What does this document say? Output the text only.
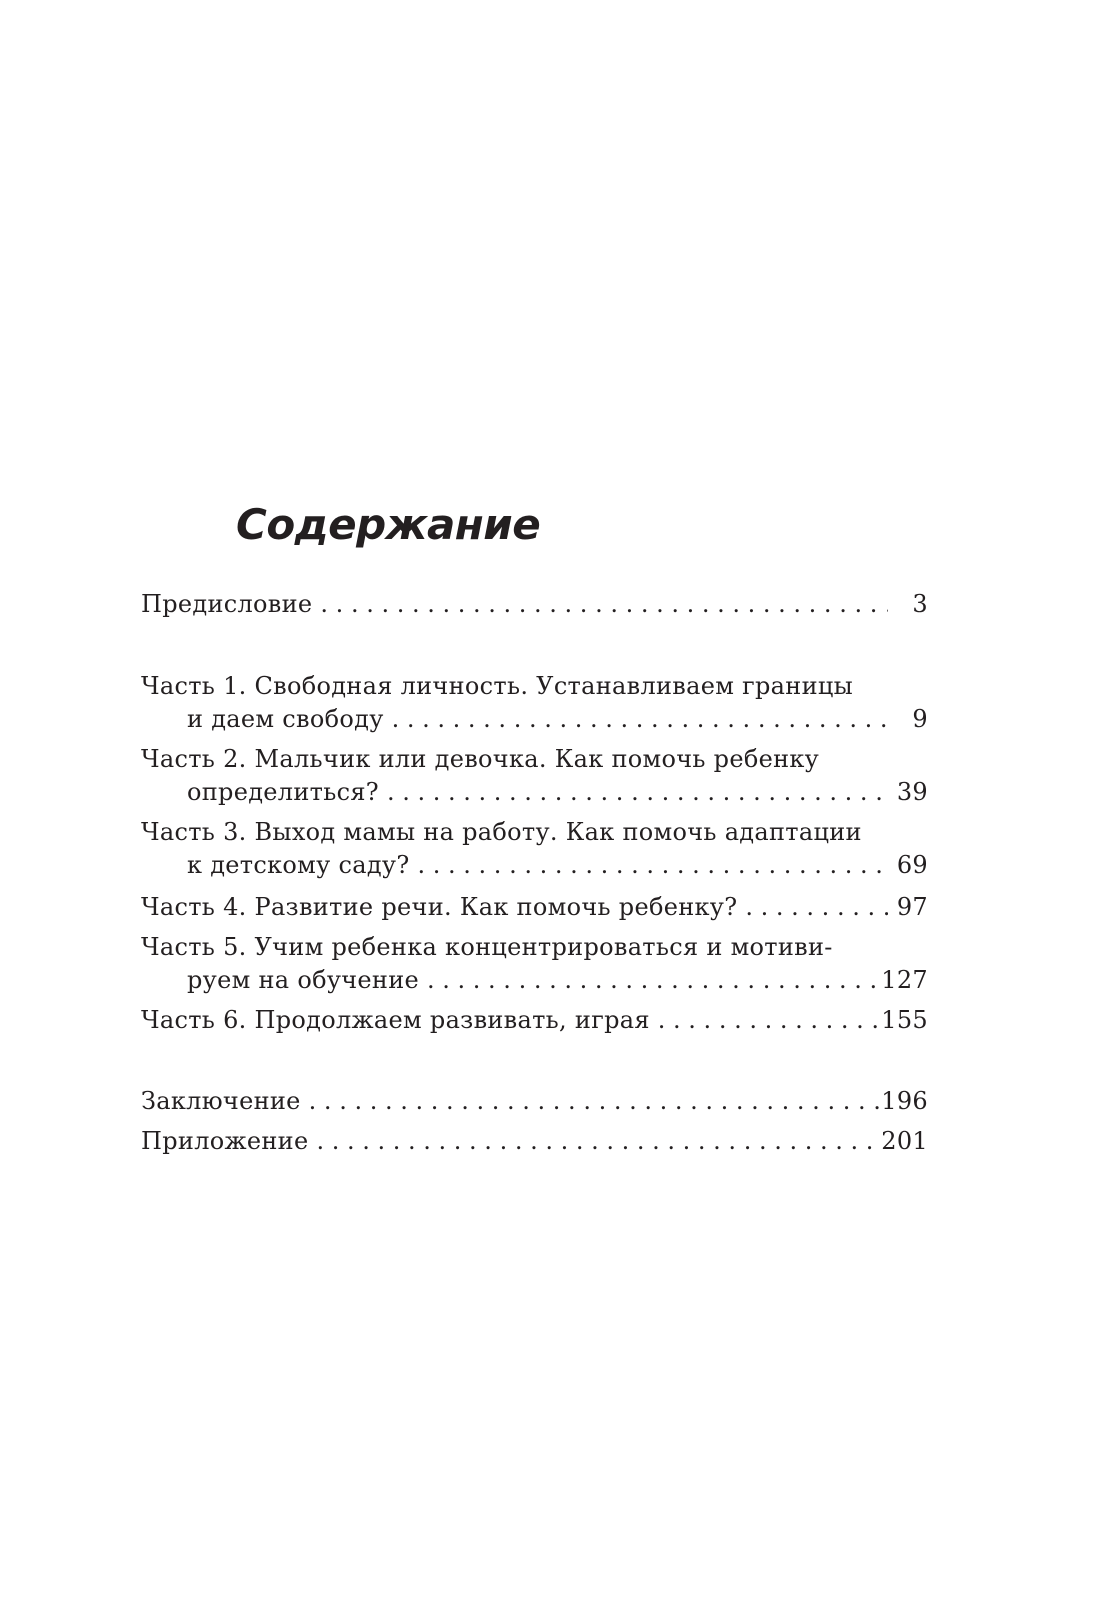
Содержание
Предисловие . . .	3
Часть 1. Свободная личность. Устанавливаем границы
и даем свободу . . .	9
Часть 2. Мальчик или девочка. Как помочь ребенку
определиться? . . .	39
Часть 3. Выход мамы на работу. Как помочь адаптации
к детскому саду? . . .	69
Часть 4. Развитие речи. Как помочь ребенку? . . .	97
Часть 5. Учим ребенка концентрироваться и мотиви-
руем на обучение . . .	127
Часть 6. Продолжаем развивать, играя . . .	155
Заключение . . .	196
Приложение . . .	201
